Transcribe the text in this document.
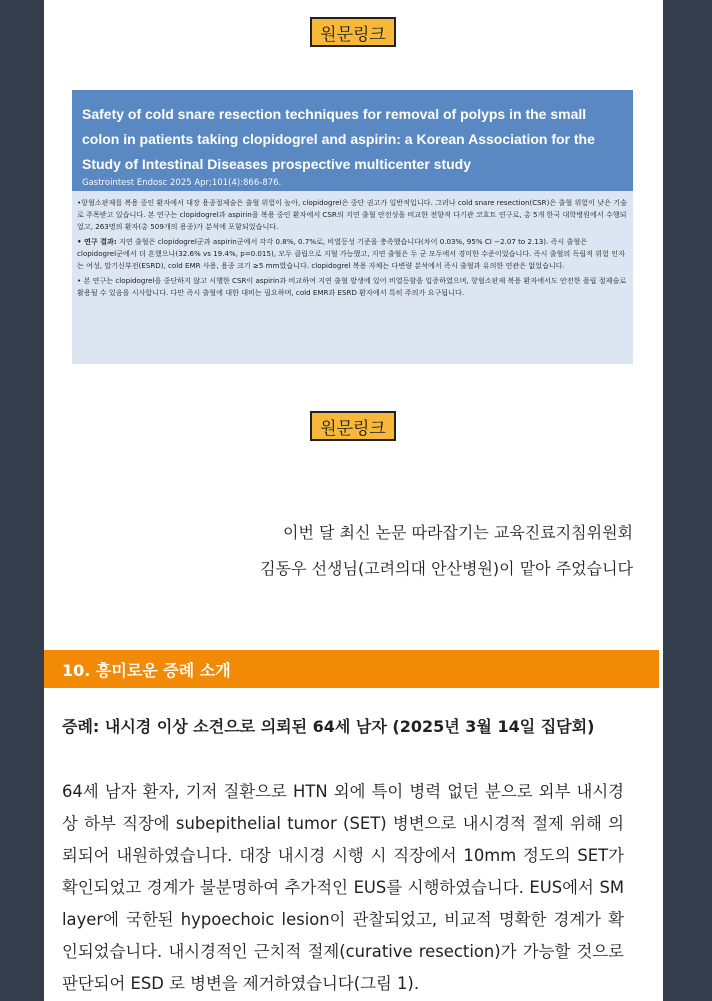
원문링크
Safety of cold snare resection techniques for removal of polyps in the small colon in patients taking clopidogrel and aspirin: a Korean Association for the Study of Intestinal Diseases prospective multicenter study
Gastrointest Endosc 2025 Apr;101(4):866-876.
•항혈소판제를 복용 중인 환자에서 대장 용종절제술은 출혈 위험이 높아, clopidogrel은 중단 권고가 일반적입니다. 그러나 cold snare resection(CSR)은 출혈 위험이 낮은 기술로 주목받고 있습니다. 본 연구는 clopidogrel과 aspirin을 복용 중인 환자에서 CSR의 지연 출혈 안전성을 비교한 전향적 다기관 코호트 연구로, 총 5개 한국 대학병원에서 수행되었고, 263명의 환자(총 509개의 용종)가 분석에 포함되었습니다.
• 연구 결과: 지연 출혈은 clopidogrel군과 aspirin군에서 각각 0.8%, 0.7%로, 비열등성 기준을 충족했습니다(차이 0.03%, 95% CI −2.07 to 2.13). 즉시 출혈은 clopidogrel군에서 더 흔했으나(32.6% vs 19.4%, p=0.015), 모두 클립으로 지혈 가능했고, 지연 출혈은 두 군 모두에서 경미한 수준이었습니다. 즉시 출혈의 독립적 위험 인자는 여성, 말기신부전(ESRD), cold EMR 사용, 용종 크기 ≥5 mm였습니다. clopidogrel 복용 자체는 다변량 분석에서 즉시 출혈과 유의한 연관은 없었습니다.
• 본 연구는 clopidogrel을 중단하지 않고 시행한 CSR이 aspirin과 비교하여 지연 출혈 발생에 있어 비열등함을 입증하였으며, 항혈소판제 복용 환자에서도 안전한 폴립 절제술로 활용될 수 있음을 시사합니다. 다만 즉시 출혈에 대한 대비는 필요하며, cold EMR과 ESRD 환자에서 특히 주의가 요구됩니다.
원문링크
이번 달 최신 논문 따라잡기는 교육진료지침위원회
김동우 선생님(고려의대 안산병원)이 맡아 주었습니다
10. 흥미로운 증례 소개
증례: 내시경 이상 소견으로 의뢰된 64세 남자 (2025년 3월 14일 집담회)
64세 남자 환자, 기저 질환으로 HTN 외에 특이 병력 없던 분으로 외부 내시경상 하부 직장에 subepithelial tumor (SET) 병변으로 내시경적 절제 위해 의뢰되어 내원하였습니다. 대장 내시경 시행 시 직장에서 10mm 정도의 SET가 확인되었고 경계가 불분명하여 추가적인 EUS를 시행하였습니다. EUS에서 SM layer에 국한된 hypoechoic lesion이 관찰되었고, 비교적 명확한 경계가 확인되었습니다. 내시경적인 근치적 절제(curative resection)가 가능할 것으로 판단되어 ESD 로 병변을 제거하였습니다(그림 1).
